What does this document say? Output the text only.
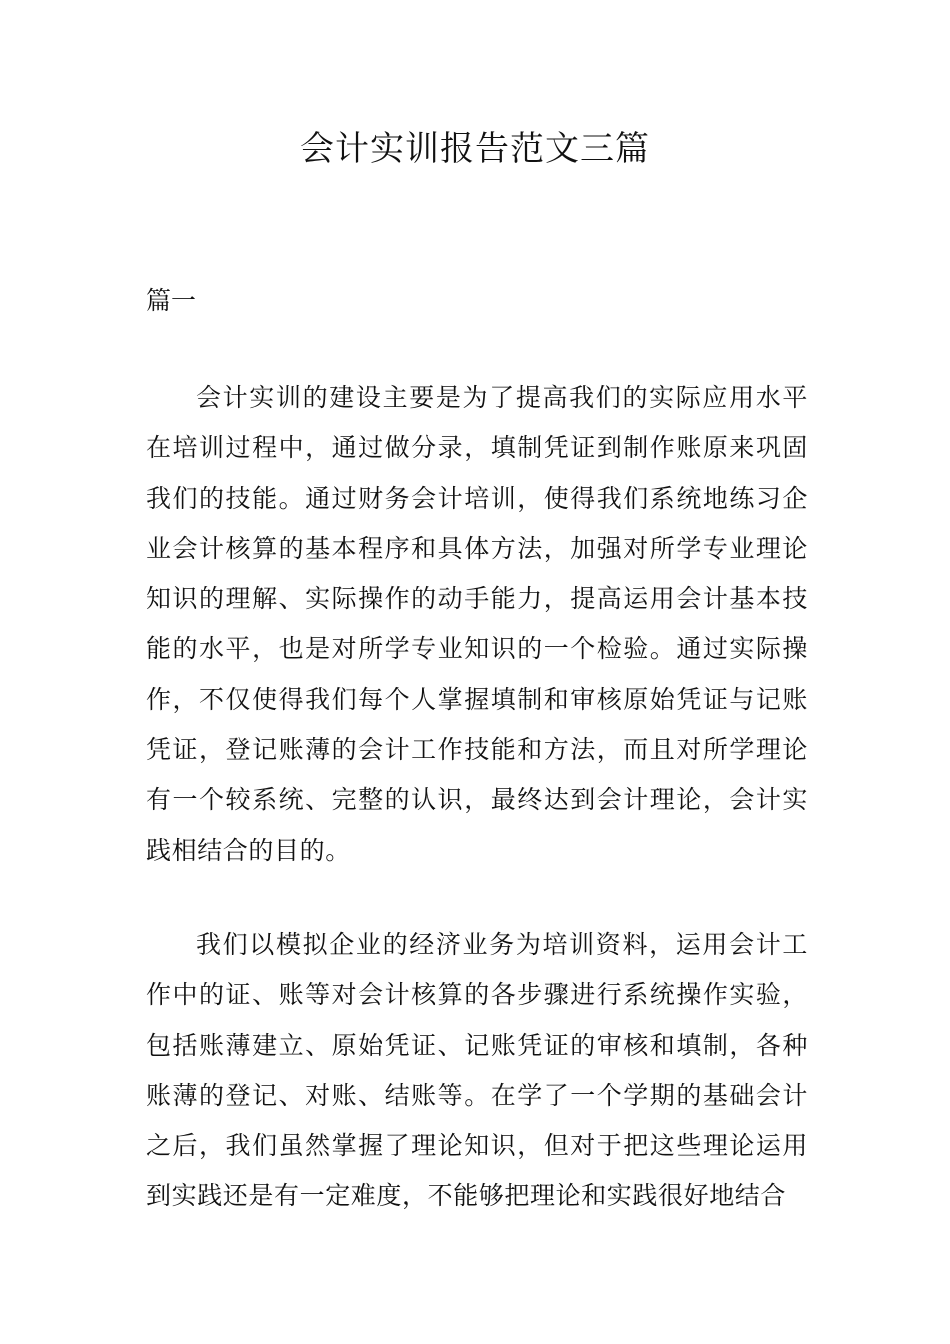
会计实训报告范文三篇

篇一

会计实训的建设主要是为了提高我们的实际应用水平在培训过程中，通过做分录，填制凭证到制作账原来巩固我们的技能。通过财务会计培训，使得我们系统地练习企业会计核算的基本程序和具体方法，加强对所学专业理论知识的理解、实际操作的动手能力，提高运用会计基本技能的水平，也是对所学专业知识的一个检验。通过实际操作，不仅使得我们每个人掌握填制和审核原始凭证与记账凭证，登记账薄的会计工作技能和方法，而且对所学理论有一个较系统、完整的认识，最终达到会计理论，会计实践相结合的目的。

我们以模拟企业的经济业务为培训资料，运用会计工作中的证、账等对会计核算的各步骤进行系统操作实验，包括账薄建立、原始凭证、记账凭证的审核和填制，各种账薄的登记、对账、结账等。在学了一个学期的基础会计之后，我们虽然掌握了理论知识，但对于把这些理论运用到实践还是有一定难度，不能够把理论和实践很好地结合
